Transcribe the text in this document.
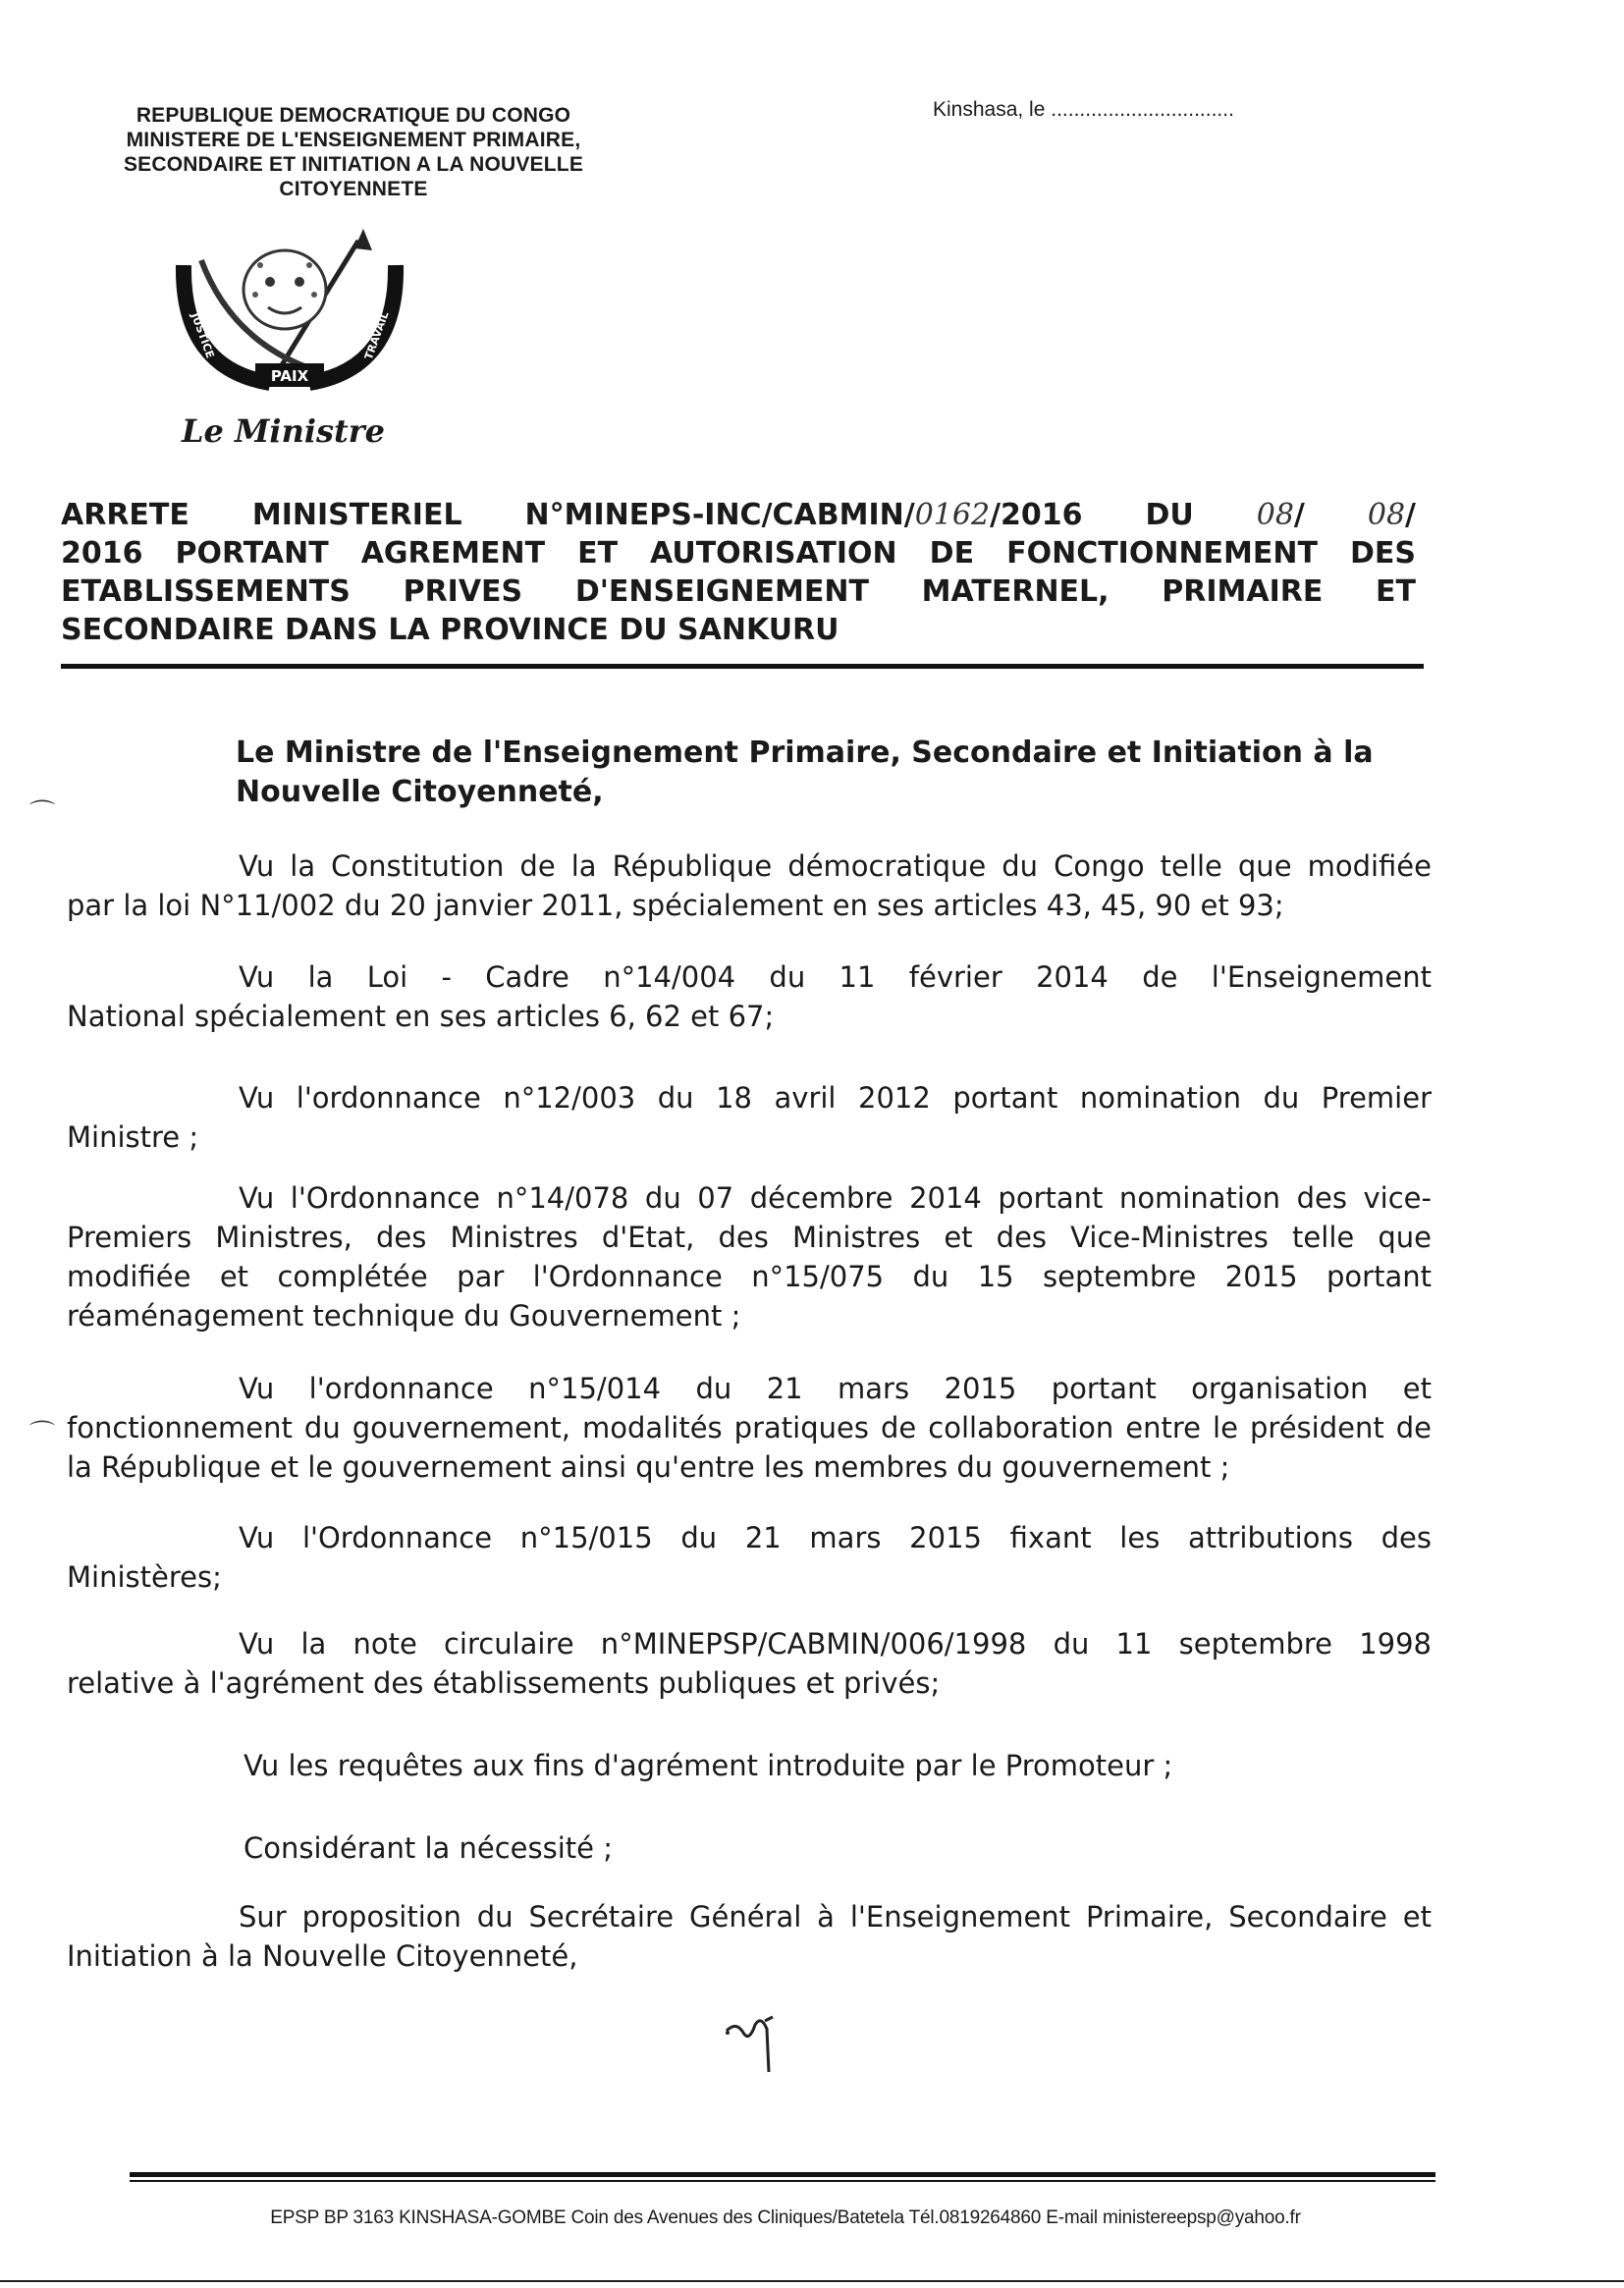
REPUBLIQUE DEMOCRATIQUE DU CONGO
MINISTERE DE L'ENSEIGNEMENT PRIMAIRE,
SECONDAIRE ET INITIATION A LA NOUVELLE
CITOYENNETE
Kinshasa, le ................................
PAIX
JUSTICE	TRAVAIL
Le Ministre
ARRETE MINISTERIEL N°MINEPS-INC/CABMIN/0162/2016 DU 08/ 08/
2016 PORTANT AGREMENT ET AUTORISATION DE FONCTIONNEMENT DES
ETABLISSEMENTS PRIVES D'ENSEIGNEMENT MATERNEL, PRIMAIRE ET
SECONDAIRE DANS LA PROVINCE DU SANKURU
Le Ministre de l'Enseignement Primaire, Secondaire et Initiation à la
Nouvelle Citoyenneté,
⌒
Vu la Constitution de la République démocratique du Congo telle que modifiée
par la loi N°11/002 du 20 janvier 2011, spécialement en ses articles 43, 45, 90 et 93;
Vu la Loi - Cadre n°14/004 du 11 février 2014 de l'Enseignement
National spécialement en ses articles 6, 62 et 67;
Vu l'ordonnance n°12/003 du 18 avril 2012 portant nomination du Premier
Ministre ;
Vu l'Ordonnance n°14/078 du 07 décembre 2014 portant nomination des vice-
Premiers Ministres, des Ministres d'Etat, des Ministres et des Vice-Ministres telle que
modifiée et complétée par l'Ordonnance n°15/075 du 15 septembre 2015 portant
réaménagement technique du Gouvernement ;
Vu l'ordonnance n°15/014 du 21 mars 2015 portant organisation et
fonctionnement du gouvernement, modalités pratiques de collaboration entre le président de
la République et le gouvernement ainsi qu'entre les membres du gouvernement ;
⌒
Vu l'Ordonnance n°15/015 du 21 mars 2015 fixant les attributions des
Ministères;
Vu la note circulaire n°MINEPSP/CABMIN/006/1998 du 11 septembre 1998
relative à l'agrément des établissements publiques et privés;
Vu les requêtes aux fins d'agrément introduite par le Promoteur ;
Considérant la nécessité ;
Sur proposition du Secrétaire Général à l'Enseignement Primaire, Secondaire et
Initiation à la Nouvelle Citoyenneté,
EPSP BP 3163 KINSHASA-GOMBE Coin des Avenues des Cliniques/Batetela Tél.0819264860 E-mail ministereepsp@yahoo.fr
